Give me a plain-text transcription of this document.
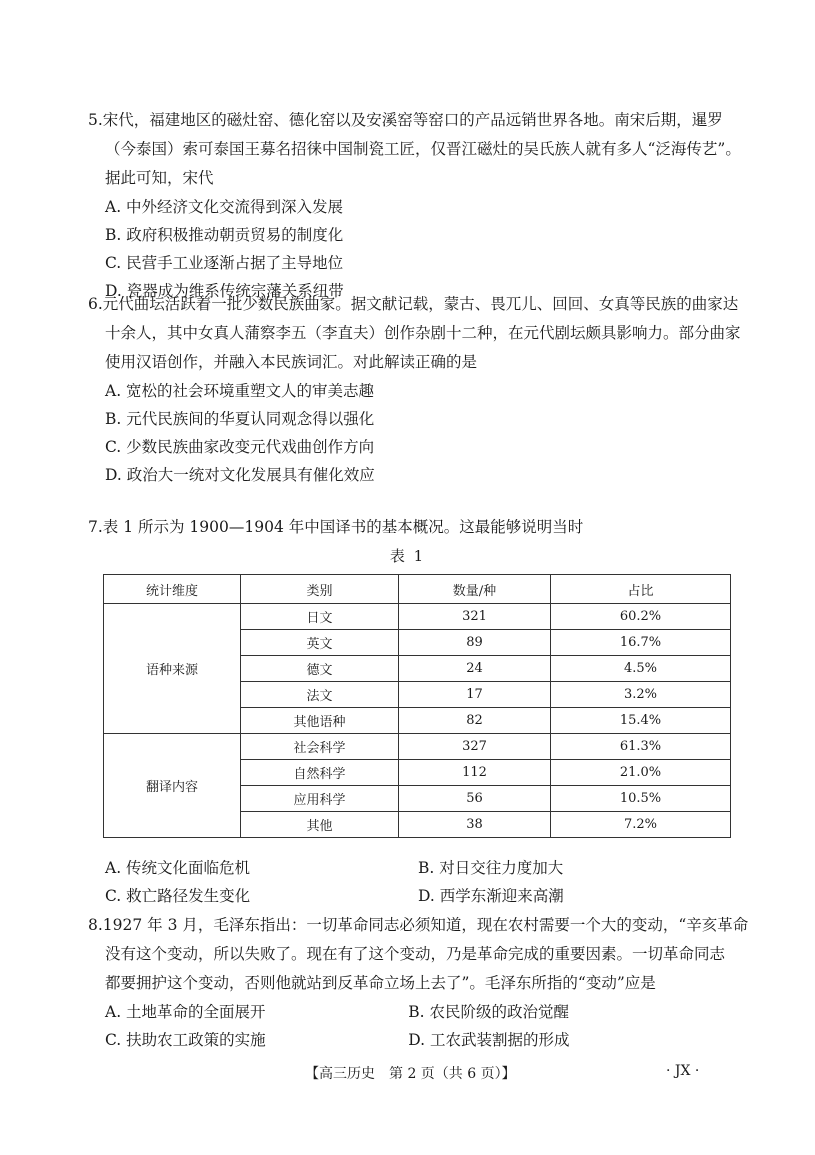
5.宋代，福建地区的磁灶窑、德化窑以及安溪窑等窑口的产品远销世界各地。南宋后期，暹罗
（今泰国）索可泰国王募名招徕中国制瓷工匠，仅晋江磁灶的吴氏族人就有多人“泛海传艺”。
据此可知，宋代
A. 中外经济文化交流得到深入发展
B. 政府积极推动朝贡贸易的制度化
C. 民营手工业逐渐占据了主导地位
D. 瓷器成为维系传统宗藩关系纽带
6.元代曲坛活跃着一批少数民族曲家。据文献记载，蒙古、畏兀儿、回回、女真等民族的曲家达
十余人，其中女真人蒲察李五（李直夫）创作杂剧十二种，在元代剧坛颇具影响力。部分曲家
使用汉语创作，并融入本民族词汇。对此解读正确的是
A. 宽松的社会环境重塑文人的审美志趣
B. 元代民族间的华夏认同观念得以强化
C. 少数民族曲家改变元代戏曲创作方向
D. 政治大一统对文化发展具有催化效应
7.表 1 所示为 1900—1904 年中国译书的基本概况。这最能够说明当时
表 1
统计维度	类别	数量/种	占比
语种来源	日文	321	60.2%
	英文	89	16.7%
	德文	24	4.5%
	法文	17	3.2%
	其他语种	82	15.4%
翻译内容	社会科学	327	61.3%
	自然科学	112	21.0%
	应用科学	56	10.5%
	其他	38	7.2%
A. 传统文化面临危机	B. 对日交往力度加大
C. 救亡路径发生变化	D. 西学东渐迎来高潮
8.1927 年 3 月，毛泽东指出：一切革命同志必须知道，现在农村需要一个大的变动，“辛亥革命
没有这个变动，所以失败了。现在有了这个变动，乃是革命完成的重要因素。一切革命同志
都要拥护这个变动，否则他就站到反革命立场上去了”。毛泽东所指的“变动”应是
A. 土地革命的全面展开	B. 农民阶级的政治觉醒
C. 扶助农工政策的实施	D. 工农武装割据的形成
【高三历史　第 2 页（共 6 页）】	· JX ·
